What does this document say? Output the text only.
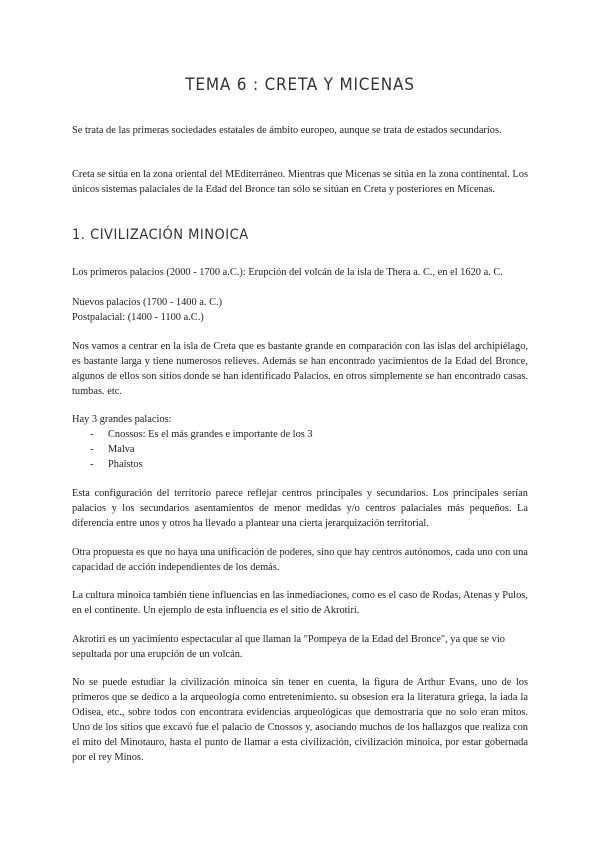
TEMA 6 : CRETA Y MICENAS

Se trata de las primeras sociedades estatales de ámbito europeo, aunque se trata de estados secundarios.

Creta se sitúa en la zona oriental del MEditerráneo. Mientras que Micenas se sitúa en la zona continental. Los únicos sistemas palaciales de la Edad del Bronce tan sólo se sitúan en Creta y posteriores en Micenas.

1. CIVILIZACIÓN MINOICA

Los primeros palacios (2000 - 1700 a.C.): Erupción del volcán de la isla de Thera a. C., en el 1620 a. C.

Nuevos palacios (1700 - 1400 a. C.)

Postpalacial: (1400 - 1100 a.C.)

Nos vamos a centrar en la isla de Creta que es bastante grande en comparación con las islas del archipiélago, es bastante larga y tiene numerosos relieves. Además se han encontrado yacimientos de la Edad del Bronce, algunos de ellos son sitios donde se han identificado Palacios. en otros simplemente se han encontrado casas. tumbas. etc.

Hay 3 grandes palacios:

- Cnossos: Es el más grandes e importante de los 3
- Malva
- Phaistos

Esta configuración del territorio parece reflejar centros principales y secundarios. Los principales serían palacios y los secundarios asentamientos de menor medidas y/o centros palaciales más pequeños. La diferencia entre unos y otros ha llevado a plantear una cierta jerarquización territorial.

Otra propuesta es que no haya una unificación de poderes, sino que hay centros autónomos, cada uno con una capacidad de acción independientes de los demás.

La cultura minoica también tiene influencias en las inmediaciones, como es el caso de Rodas, Atenas y Pulos, en el continente. Un ejemplo de esta influencia es el sitio de Akrotiri.

Akrotiri es un yacimiento espectacular al que llaman la "Pompeya de la Edad del Bronce", ya que se vio sepultada por una erupción de un volcán.

No se puede estudiar la civilización minoica sin tener en cuenta, la figura de Arthur Evans, uno de los primeros que se dedico a la arqueología como entretenimiento. su obsesion era la literatura griega, la iada la Odisea, etc., sobre todos con encontrara evidencias arqueológicas que demostraría que no solo eran mitos. Uno de los sitios que excavó fue el palacio de Cnossos y, asociando muchos de los hallazgos que realiza con el mito del Minotauro, hasta el punto de llamar a esta civilización, civilización minoica, por estar gobernada por el rey Minos.
